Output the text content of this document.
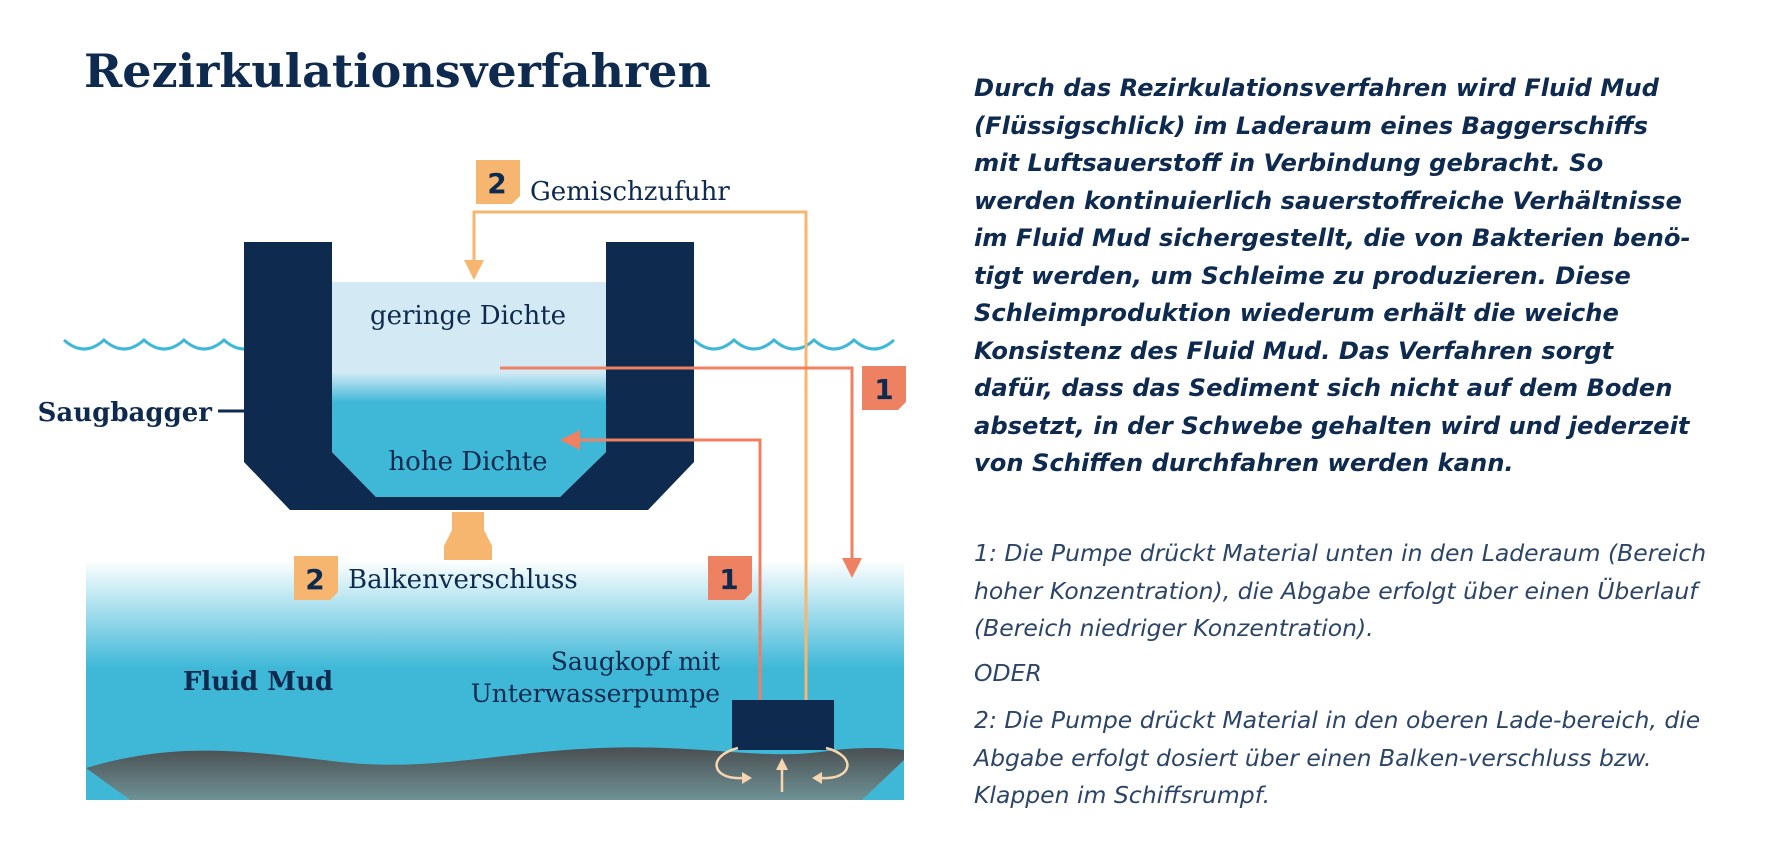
Rezirkulationsverfahren
Saugbagger
geringe Dichte
hohe Dichte
2 Gemischzufuhr
1
2 Balkenverschluss	1
Fluid Mud
Saugkopf mit
Unterwasserpumpe

Durch das Rezirkulationsverfahren wird Fluid Mud (Flüssigschlick) im Laderaum eines Baggerschiffs mit Luftsauerstoff in Verbindung gebracht. So werden kontinuierlich sauerstoffreiche Verhältnisse im Fluid Mud sichergestellt, die von Bakterien benö-tigt werden, um Schleime zu produzieren. Diese Schleimproduktion wiederum erhält die weiche Konsistenz des Fluid Mud. Das Verfahren sorgt dafür, dass das Sediment sich nicht auf dem Boden absetzt, in der Schwebe gehalten wird und jederzeit von Schiffen durchfahren werden kann.

1: Die Pumpe drückt Material unten in den Laderaum (Bereich hoher Konzentration), die Abgabe erfolgt über einen Überlauf (Bereich niedriger Konzentration).

ODER

2: Die Pumpe drückt Material in den oberen Lade-bereich, die Abgabe erfolgt dosiert über einen Balken-verschluss bzw. Klappen im Schiffsrumpf.
